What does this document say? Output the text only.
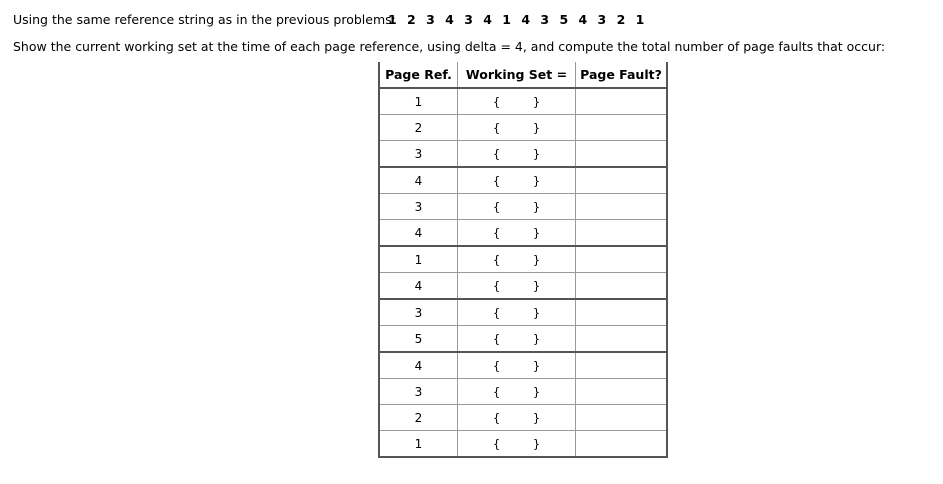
Using the same reference string as in the previous problems:
1 2 3 4 3 4 1 4 3 5 4 3 2 1
Show the current working set at the time of each page reference, using delta = 4, and compute the total number of page faults that occur:
Page Ref.	Working Set =	Page Fault?
1	{ }	
2	{ }	
3	{ }	
4	{ }	
3	{ }	
4	{ }	
1	{ }	
4	{ }	
3	{ }	
5	{ }	
4	{ }	
3	{ }	
2	{ }	
1	{ }	
